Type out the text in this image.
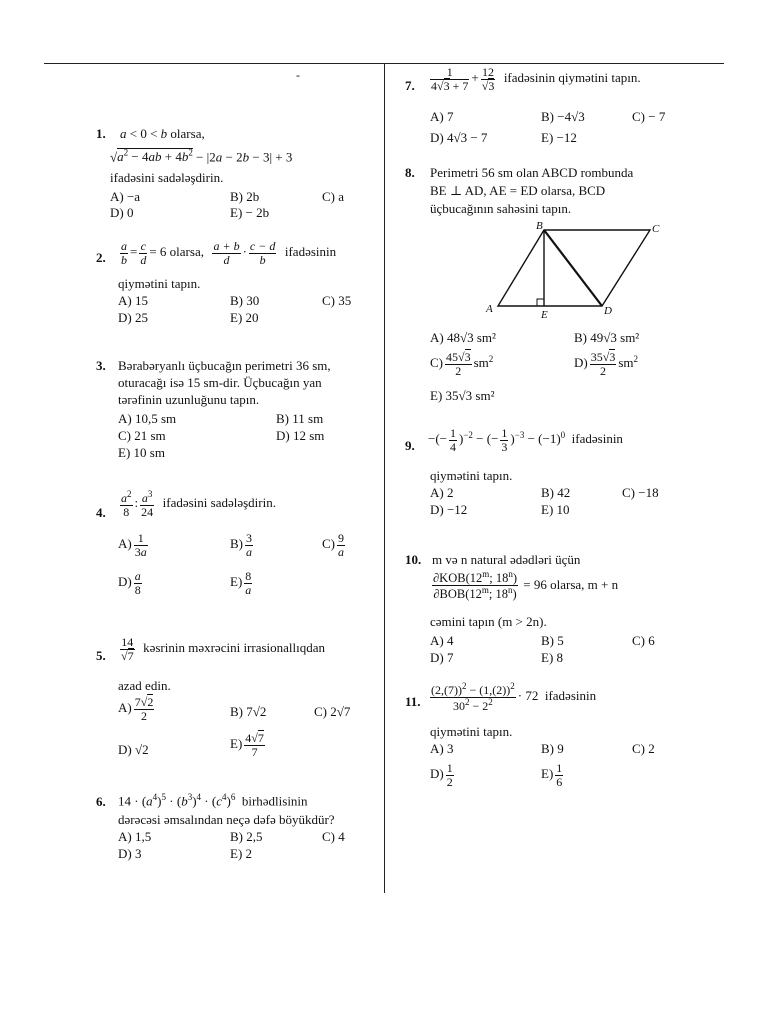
-
1. a < 0 < b olarsa,
$√a^2 - 4ab + 4b^2 - |2a - 2b - 3| + 3$
ifadəsini sadələşdirin.
A) −a	B) 2b	C) a
D) 0	E) − 2b
2. $\frac{a}{b} = \frac{c}{d} = 6$ olarsa, $\frac{a + b}{d} \cdot \frac{c - d}{b}$ ifadəsinin
qiymətini tapın.
A) 15	B) 30	C) 35
D) 25	E) 20
3. Bərabəryanlı üçbucağın perimetri 36 sm,
oturacağı isə 15 sm-dir. Üçbucağın yan
tərəfinin uzunluğunu tapın.
A) 10,5 sm	B) 11 sm
C) 21 sm	D) 12 sm
E) 10 sm
4. $\frac{a^2}{8}$ : $\frac{a^3}{24}$ ifadəsini sadələşdirin.
$A) \frac{1}{3a}$	$B) \frac{3}{a}$	$C) \frac{9}{a}$
$D) \frac{a}{8}$	$E) \frac{8}{a}$
5. $\frac{14}{√7}$ kəsrinin məxrəcini irrasionallıqdan
azad edin.
$A) \frac{7√2}{2}$	B) 7√2	C) 2√7
D) √2	$E) \frac{4√7}{7}$
6. $14 \cdot (a^4)^5 \cdot (b^3)^4 \cdot (c^4)^6$ birhədlisinin
dərəcəsi əmsalından neçə dəfə böyükdür?
A) 1,5	B) 2,5	C) 4
D) 3	E) 2
7. $\frac{1}{4√3 + 7} + \frac{12}{√3}$ ifadəsinin qiymətini tapın.
A) 7	B) −4√3	C) − 7
D) 4√3 − 7	E) −12
8. Perimetri 56 sm olan ABCD rombunda
BE ⊥ AD, AE = ED olarsa, BCD
üçbucağının sahəsini tapın.
B	C
A	E	D
A) 48√3 sm²	B) 49√3 sm²
$C) \frac{45√3}{2} sm^2$	$D) \frac{35√3}{2} sm^2$
E) 35√3 sm²
9. −(− $\frac{1}{4} )^{-2}$ − (− $\frac{1}{3} )^{-3} - (-1)^0$ ifadəsinin
qiymətini tapın.
A) 2	B) 42	C) −18
D) −12	E) 10
10. m və n natural ədədləri üçün
$\frac{\partial KOB(12^m; 18^n)}{\partial BOB(12^m; 18^n)} = 96$ olarsa, m + n
cəmini tapın (m > 2n).
A) 4	B) 5	C) 6
D) 7	E) 8
11. $\frac{(2,(7))^2 - (1,(2))^2}{30^2 - 2^2} \cdot 72$  ifadəsinin
qiymətini tapın.
A) 3	B) 9	C) 2
$D) \frac{1}{2}$	$E) \frac{1}{6}$
